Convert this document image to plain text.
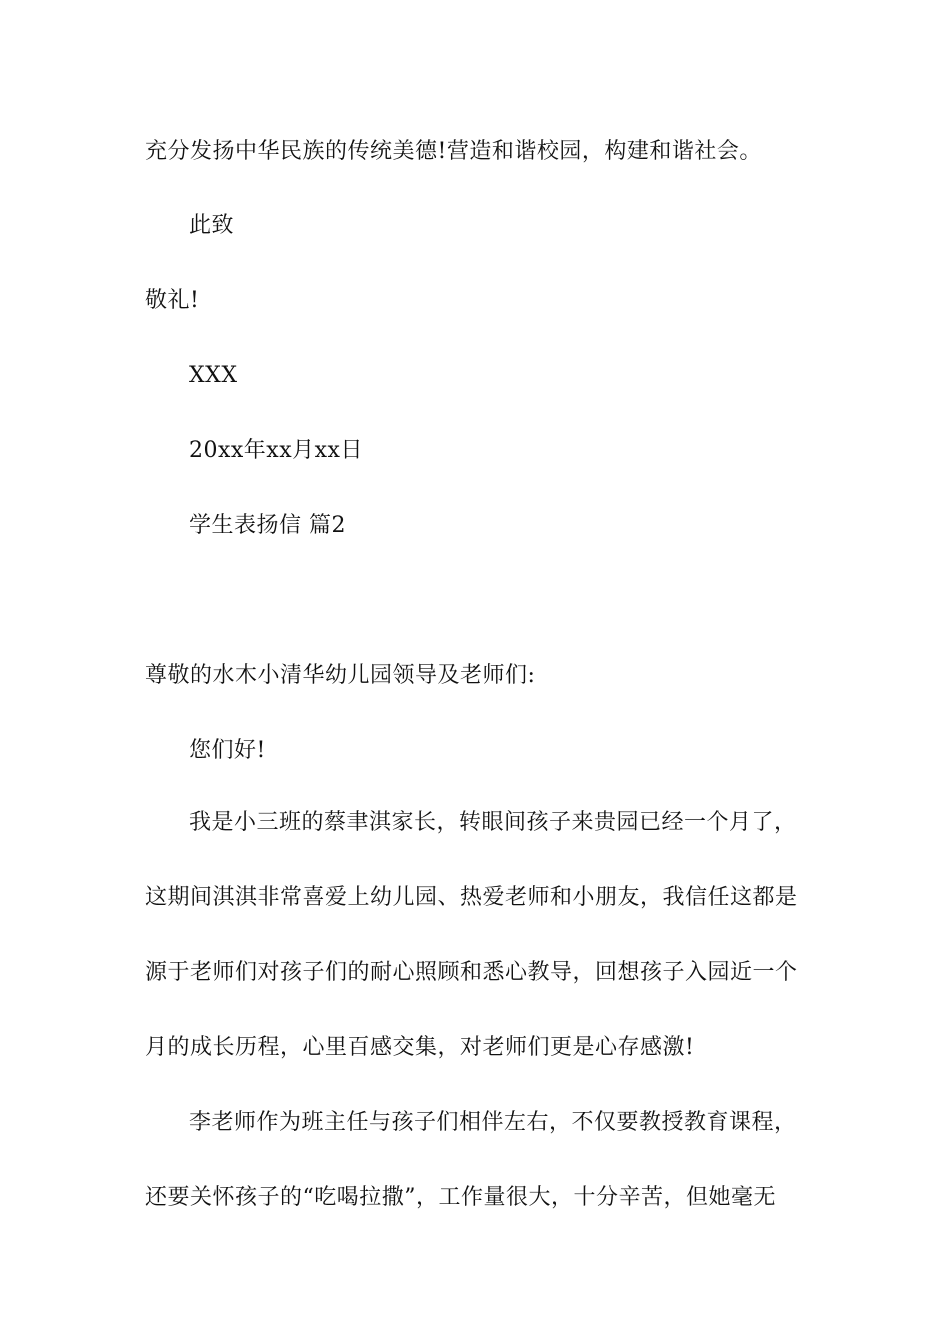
充分发扬中华民族的传统美德!营造和谐校园，构建和谐社会。
此致
敬礼!
XXX
20xx年xx月xx日
学生表扬信 篇2
尊敬的水木小清华幼儿园领导及老师们:
您们好!
我是小三班的蔡聿淇家长，转眼间孩子来贵园已经一个月了，
这期间淇淇非常喜爱上幼儿园、热爱老师和小朋友，我信任这都是
源于老师们对孩子们的耐心照顾和悉心教导，回想孩子入园近一个
月的成长历程，心里百感交集，对老师们更是心存感激!
李老师作为班主任与孩子们相伴左右，不仅要教授教育课程，
还要关怀孩子的“吃喝拉撒”，工作量很大，十分辛苦，但她毫无
